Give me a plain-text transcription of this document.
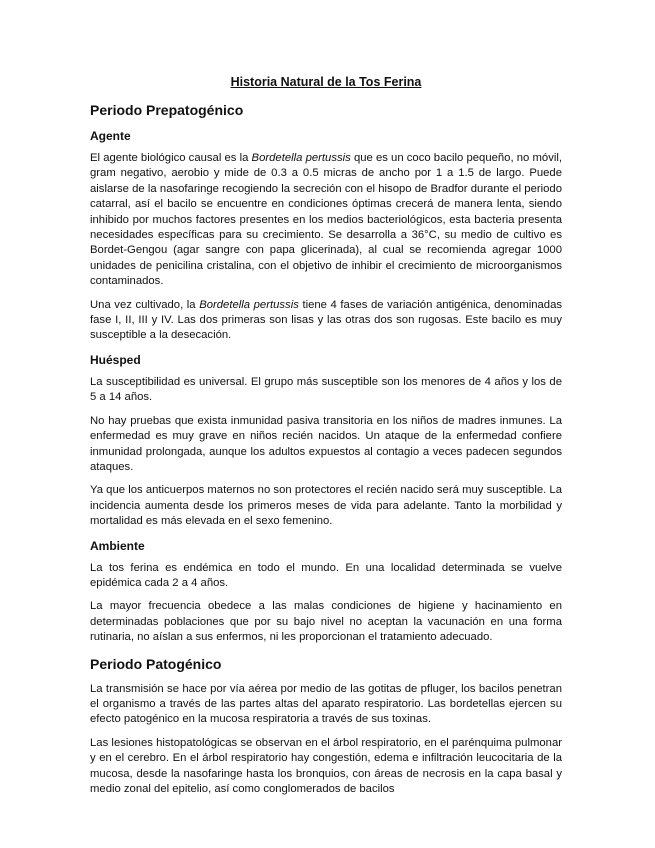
Historia Natural de la Tos Ferina
Periodo Prepatogénico
Agente

El agente biológico causal es la Bordetella pertussis que es un coco bacilo pequeño, no móvil, gram negativo, aerobio y mide de 0.3 a 0.5 micras de ancho por 1 a 1.5 de largo. Puede aislarse de la nasofaringe recogiendo la secreción con el hisopo de Bradfor durante el periodo catarral, así el bacilo se encuentre en condiciones óptimas crecerá de manera lenta, siendo inhibido por muchos factores presentes en los medios bacteriológicos, esta bacteria presenta necesidades específicas para su crecimiento. Se desarrolla a 36°C, su medio de cultivo es Bordet-Gengou (agar sangre con papa glicerinada), al cual se recomienda agregar 1000 unidades de penicilina cristalina, con el objetivo de inhibir el crecimiento de microorganismos contaminados.

Una vez cultivado, la Bordetella pertussis tiene 4 fases de variación antigénica, denominadas fase I, II, III y IV. Las dos primeras son lisas y las otras dos son rugosas. Este bacilo es muy susceptible a la desecación.

Huésped

La susceptibilidad es universal. El grupo más susceptible son los menores de 4 años y los de 5 a 14 años.

No hay pruebas que exista inmunidad pasiva transitoria en los niños de madres inmunes. La enfermedad es muy grave en niños recién nacidos. Un ataque de la enfermedad confiere inmunidad prolongada, aunque los adultos expuestos al contagio a veces padecen segundos ataques.

Ya que los anticuerpos maternos no son protectores el recién nacido será muy susceptible. La incidencia aumenta desde los primeros meses de vida para adelante. Tanto la morbilidad y mortalidad es más elevada en el sexo femenino.

Ambiente

La tos ferina es endémica en todo el mundo. En una localidad determinada se vuelve epidémica cada 2 a 4 años.

La mayor frecuencia obedece a las malas condiciones de higiene y hacinamiento en determinadas poblaciones que por su bajo nivel no aceptan la vacunación en una forma rutinaria, no aíslan a sus enfermos, ni les proporcionan el tratamiento adecuado.

Periodo Patogénico

La transmisión se hace por vía aérea por medio de las gotitas de pfluger, los bacilos penetran el organismo a través de las partes altas del aparato respiratorio. Las bordetellas ejercen su efecto patogénico en la mucosa respiratoria a través de sus toxinas.

Las lesiones histopatológicas se observan en el árbol respiratorio, en el parénquima pulmonar y en el cerebro. En el árbol respiratorio hay congestión, edema e infiltración leucocitaria de la mucosa, desde la nasofaringe hasta los bronquios, con áreas de necrosis en la capa basal y medio zonal del epitelio, así como conglomerados de bacilos
